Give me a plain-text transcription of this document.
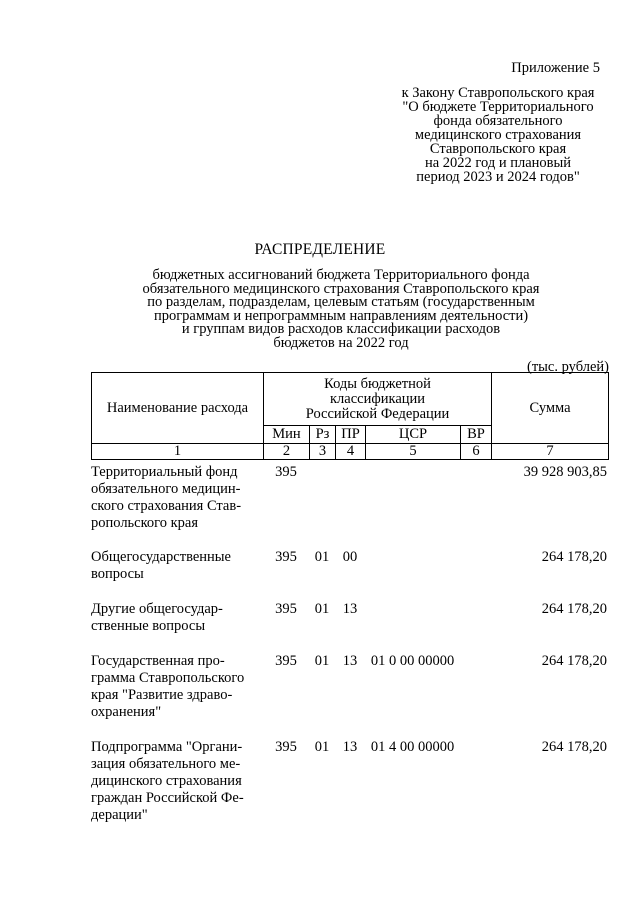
Приложение 5
к Закону Ставропольского края
"О бюджете Территориального
фонда обязательного
медицинского страхования
Ставропольского края
на 2022 год и плановый
период 2023 и 2024 годов"
РАСПРЕДЕЛЕНИЕ
бюджетных ассигнований бюджета Территориального фонда
обязательного медицинского страхования Ставропольского края
по разделам, подразделам, целевым статьям (государственным
программам и непрограммным направлениям деятельности)
и группам видов расходов классификации расходов
бюджетов на 2022 год
(тыс. рублей)
Наименование расхода	Коды бюджетной
классификации
Российской Федерации					Сумма
	Мин	Рз	ПР	ЦСР	ВР	
1	2	3	4	5	6	7
Территориальный фонд
обязательного медицин-
ского страхования Став-
ропольского края	395					39 928 903,85

Общегосударственные
вопросы	395	01	00			264 178,20

Другие общегосудар-
ственные вопросы	395	01	13			264 178,20

Государственная про-
грамма Ставропольского
края "Развитие здраво-
охранения"	395	01	13	01 0 00 00000		264 178,20

Подпрограмма "Органи-
зация обязательного ме-
дицинского страхования
граждан Российской Фе-
дерации"	395	01	13	01 4 00 00000		264 178,20
